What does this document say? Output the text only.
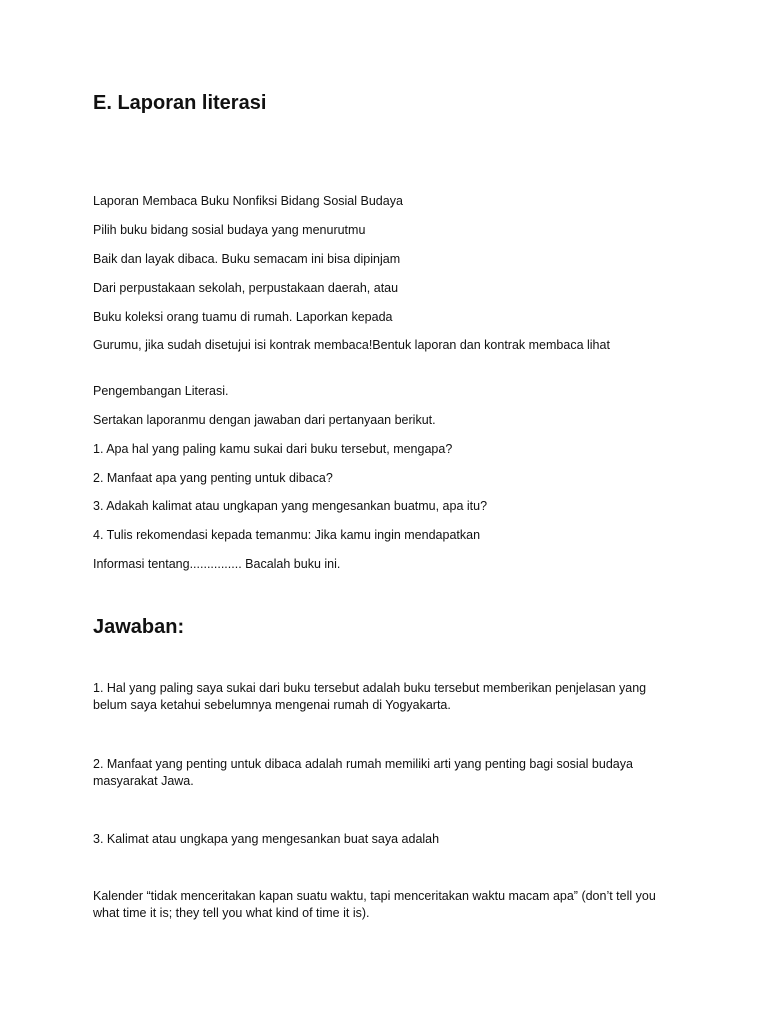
E. Laporan literasi
Laporan Membaca Buku Nonfiksi Bidang Sosial Budaya
Pilih buku bidang sosial budaya yang menurutmu
Baik dan layak dibaca. Buku semacam ini bisa dipinjam
Dari perpustakaan sekolah, perpustakaan daerah, atau
Buku koleksi orang tuamu di rumah. Laporkan kepada
Gurumu, jika sudah disetujui isi kontrak membaca!Bentuk laporan dan kontrak membaca lihat
Pengembangan Literasi.
Sertakan laporanmu dengan jawaban dari pertanyaan berikut.
1. Apa hal yang paling kamu sukai dari buku tersebut, mengapa?
2. Manfaat apa yang penting untuk dibaca?
3. Adakah kalimat atau ungkapan yang mengesankan buatmu, apa itu?
4. Tulis rekomendasi kepada temanmu: Jika kamu ingin mendapatkan
Informasi tentang............... Bacalah buku ini.
Jawaban:
1. Hal yang paling saya sukai dari buku tersebut adalah buku tersebut memberikan penjelasan yang belum saya ketahui sebelumnya mengenai rumah di Yogyakarta.
2. Manfaat yang penting untuk dibaca adalah rumah memiliki arti yang penting bagi sosial budaya masyarakat Jawa.
3. Kalimat atau ungkapa yang mengesankan buat saya adalah
Kalender “tidak menceritakan kapan suatu waktu, tapi menceritakan waktu macam apa” (don’t tell you what time it is; they tell you what kind of time it is).
